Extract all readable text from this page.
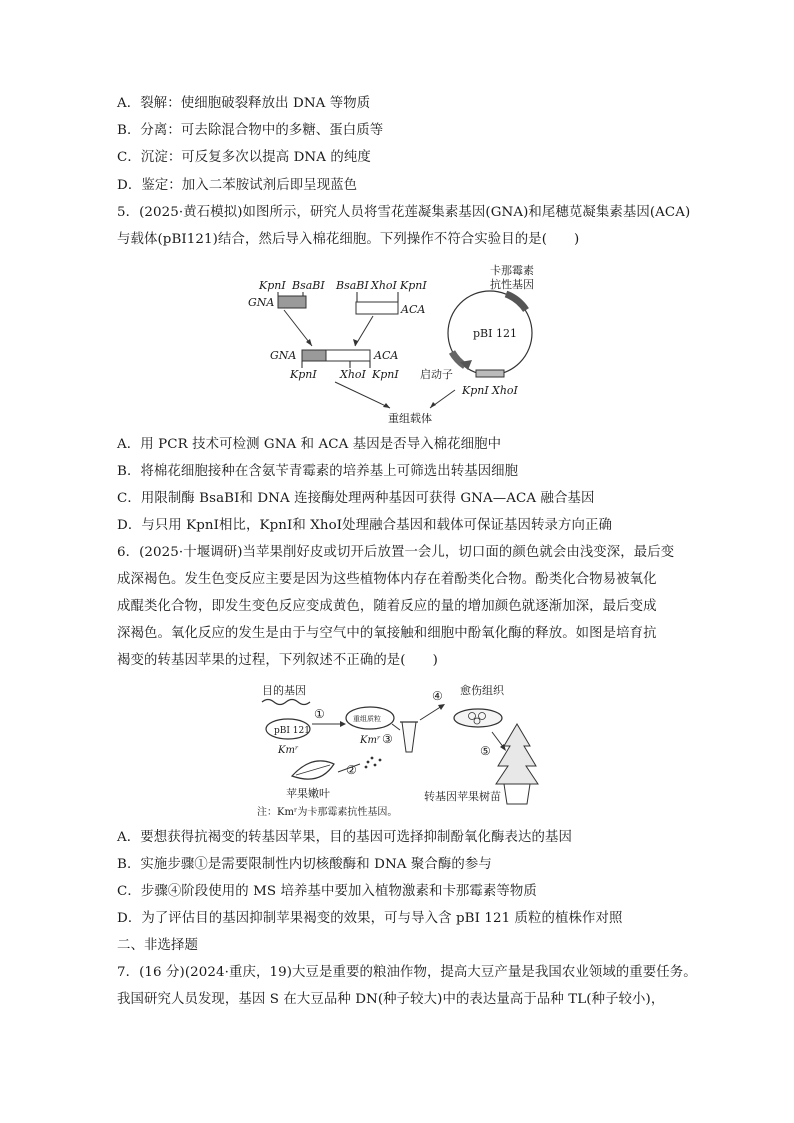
A．裂解：使细胞破裂释放出 DNA 等物质
B．分离：可去除混合物中的多糖、蛋白质等
C．沉淀：可反复多次以提高 DNA 的纯度
D．鉴定：加入二苯胺试剂后即呈现蓝色
5．(2025·黄石模拟)如图所示，研究人员将雪花莲凝集素基因(GNA)和尾穗苋凝集素基因(ACA)
与载体(pBI121)结合，然后导入棉花细胞。下列操作不符合实验目的是(　　)
KpnⅠ BsaBⅠ
GNA
BsaBⅠ XhoⅠ KpnⅠ
ACA
GNA	ACA
KpnⅠ XhoⅠ KpnⅠ
卡那霉素
抗性基因
pBI 121
启动子
KpnⅠ XhoⅠ
重组载体
A．用 PCR 技术可检测 GNA 和 ACA 基因是否导入棉花细胞中
B．将棉花细胞接种在含氨苄青霉素的培养基上可筛选出转基因细胞
C．用限制酶 BsaBⅠ和 DNA 连接酶处理两种基因可获得 GNA—ACA 融合基因
D．与只用 KpnⅠ相比，KpnⅠ和 XhoⅠ处理融合基因和载体可保证基因转录方向正确
6．(2025·十堰调研)当苹果削好皮或切开后放置一会儿，切口面的颜色就会由浅变深，最后变
成深褐色。发生色变反应主要是因为这些植物体内存在着酚类化合物。酚类化合物易被氧化
成醌类化合物，即发生变色反应变成黄色，随着反应的量的增加颜色就逐渐加深，最后变成
深褐色。氧化反应的发生是由于与空气中的氧接触和细胞中酚氧化酶的释放。如图是培育抗
褐变的转基因苹果的过程，下列叙述不正确的是(　　)
目的基因
pBI 121
Kmʳ
①	重组质粒
Kmʳ ③
④
②
苹果嫩叶
愈伤组织
⑤
转基因苹果树苗
注：Kmʳ为卡那霉素抗性基因。
A．要想获得抗褐变的转基因苹果，目的基因可选择抑制酚氧化酶表达的基因
B．实施步骤①是需要限制性内切核酸酶和 DNA 聚合酶的参与
C．步骤④阶段使用的 MS 培养基中要加入植物激素和卡那霉素等物质
D．为了评估目的基因抑制苹果褐变的效果，可与导入含 pBI 121 质粒的植株作对照
二、非选择题
7．(16 分)(2024·重庆，19)大豆是重要的粮油作物，提高大豆产量是我国农业领域的重要任务。
我国研究人员发现，基因 S 在大豆品种 DN(种子较大)中的表达量高于品种 TL(种子较小)，
